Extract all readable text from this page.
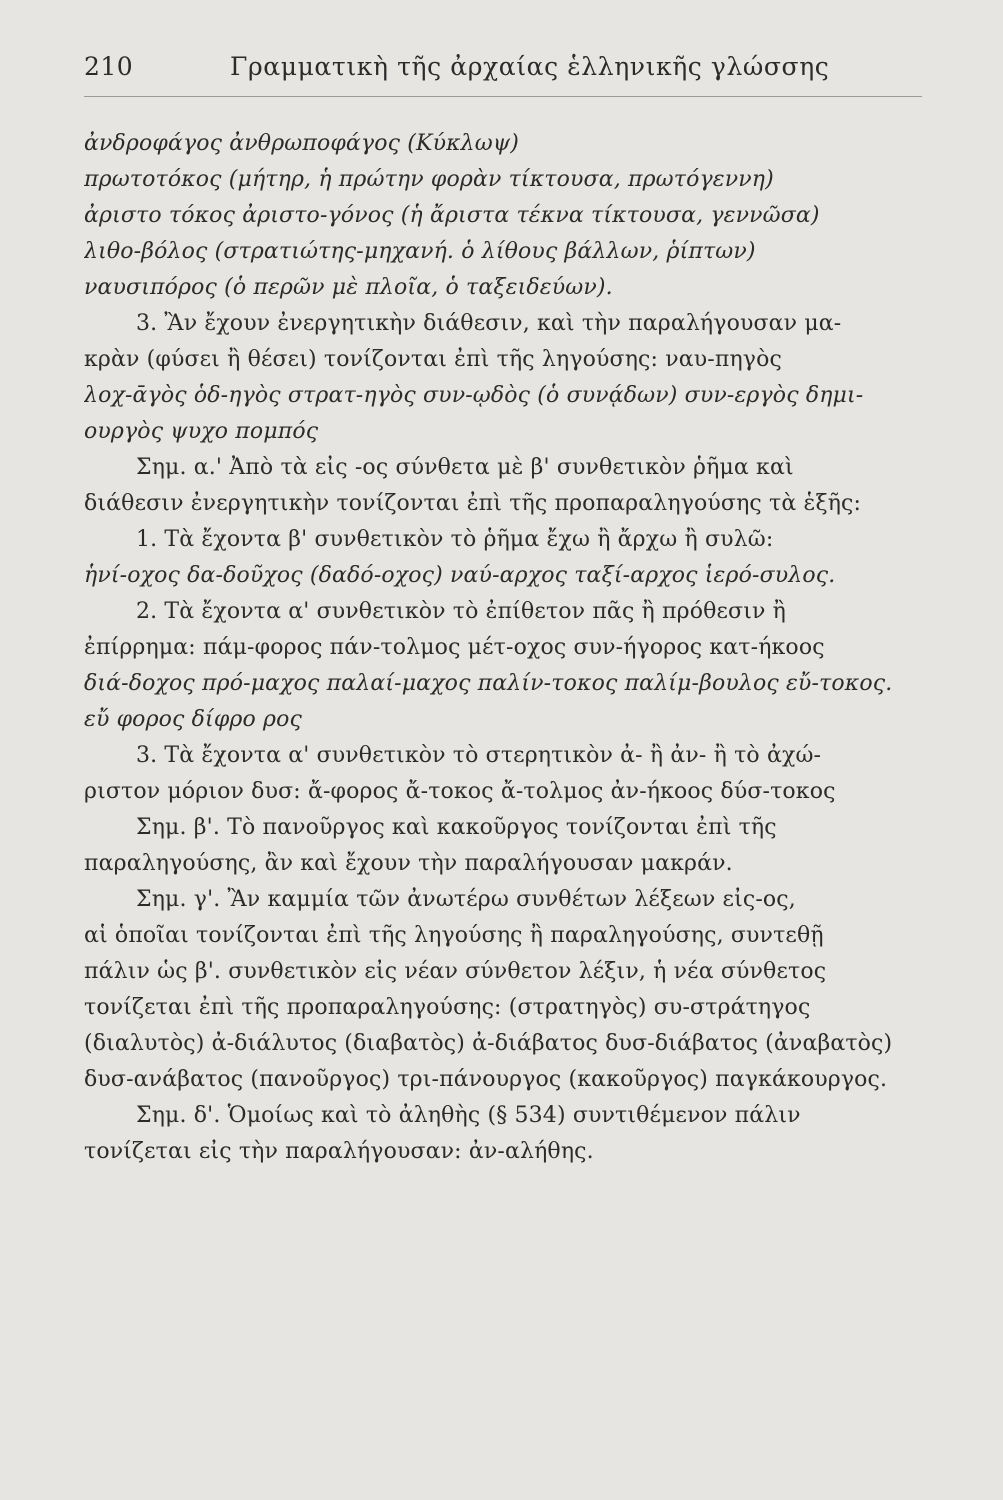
210	Γραμματικὴ τῆς ἀρχαίας ἑλληνικῆς γλώσσης
ἀνδροφάγος ἀνθρωποφάγος (Κύκλωψ)
πρωτοτόκος (μήτηρ, ἡ πρώτην φορὰν τίκτουσα, πρωτόγεννη)
ἀριστο τόκος ἀριστο-γόνος (ἡ ἄριστα τέκνα τίκτουσα, γεννῶσα)
λιθο-βόλος (στρατιώτης-μηχανή. ὁ λίθους βάλλων, ῥίπτων)
ναυσιπόρος (ὁ περῶν μὲ πλοῖα, ὁ ταξειδεύων).
3. Ἂν ἔχουν ἐνεργητικὴν διάθεσιν, καὶ τὴν παραλήγουσαν μα-
κρὰν (φύσει ἢ θέσει) τονίζονται ἐπὶ τῆς ληγούσης: ναυ-πηγὸς
λοχ-ᾱγὸς ὁδ-ηγὸς στρατ-ηγὸς συν-ῳδὸς (ὁ συνᾴδων) συν-εργὸς δημι-
ουργὸς ψυχο πομπός
Σημ. α.' Ἀπὸ τὰ εἰς -ος σύνθετα μὲ β' συνθετικὸν ῥῆμα καὶ
διάθεσιν ἐνεργητικὴν τονίζονται ἐπὶ τῆς προπαραληγούσης τὰ ἑξῆς:
1. Τὰ ἔχοντα β' συνθετικὸν τὸ ῥῆμα ἔχω ἢ ἄρχω ἢ συλῶ:
ἡνί-οχος δα-δοῦχος (δαδό-οχος) ναύ-αρχος ταξί-αρχος ἱερό-συλος.
2. Τὰ ἔχοντα α' συνθετικὸν τὸ ἐπίθετον πᾶς ἢ πρόθεσιν ἢ
ἐπίρρημα: πάμ-φορος πάν-τολμος μέτ-οχος συν-ήγορος κατ-ήκοος
διά-δοχος πρό-μαχος παλαί-μαχος παλίν-τοκος παλίμ-βουλος εὔ-τοκος.
εὔ φορος δίφρο ρος
3. Τὰ ἔχοντα α' συνθετικὸν τὸ στερητικὸν ἀ- ἢ ἀν- ἢ τὸ ἀχώ-
ριστον μόριον δυσ: ἄ-φορος ἄ-τοκος ἄ-τολμος ἀν-ήκοος δύσ-τοκος
Σημ. β'. Τὸ πανοῦργος καὶ κακοῦργος τονίζονται ἐπὶ τῆς
παραληγούσης, ἂν καὶ ἔχουν τὴν παραλήγουσαν μακράν.
Σημ. γ'. Ἂν καμμία τῶν ἀνωτέρω συνθέτων λέξεων εἰς-ος,
αἱ ὁποῖαι τονίζονται ἐπὶ τῆς ληγούσης ἢ παραληγούσης, συντεθῇ
πάλιν ὡς β'. συνθετικὸν εἰς νέαν σύνθετον λέξιν, ἡ νέα σύνθετος
τονίζεται ἐπὶ τῆς προπαραληγούσης: (στρατηγὸς) συ-στράτηγος
(διαλυτὸς) ἀ-διάλυτος (διαβατὸς) ἀ-διάβατος δυσ-διάβατος (ἀναβατὸς)
δυσ-ανάβατος (πανοῦργος) τρι-πάνουργος (κακοῦργος) παγκάκουργος.
Σημ. δ'. Ὁμοίως καὶ τὸ ἀληθὴς (§ 534) συντιθέμενον πάλιν
τονίζεται εἰς τὴν παραλήγουσαν: ἀν-αλήθης.
